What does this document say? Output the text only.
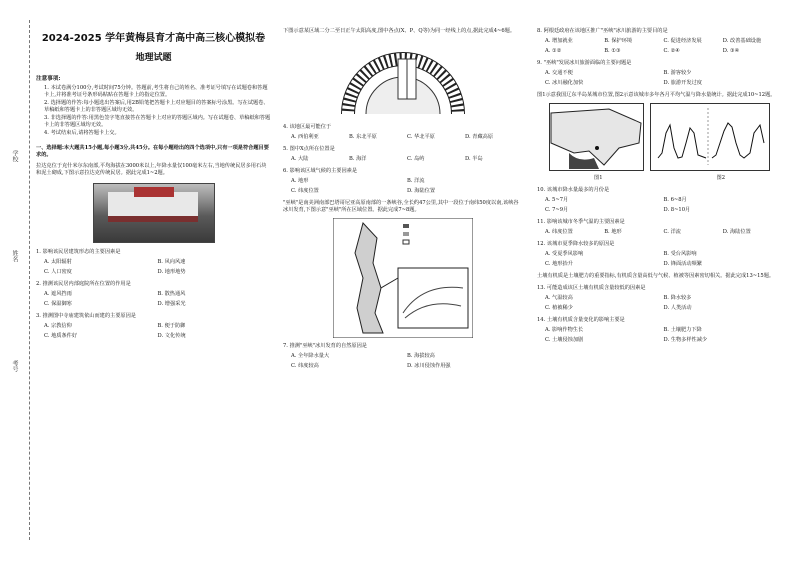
学校
姓名
考号
2024-2025 学年黄梅县育才高中高三核心模拟卷
地理试题
注意事项:

1. 本试卷满分100分,考试时间75分钟。答题前,考生将自己的姓名、准考证号填写在试题卷和答题卡上,并将准考证号条形码粘贴在答题卡上的指定位置。

2. 选择题的作答:每小题选出答案后,用2B铅笔把答题卡上对应题目的答案标号涂黑。写在试题卷、草稿纸和答题卡上的非答题区域均无效。

3. 非选择题的作答:用黑色签字笔直接答在答题卡上对应的答题区域内。写在试题卷、草稿纸和答题卡上的非答题区域均无效。

4. 考试结束后,请将答题卡上交。

一、选择题:本大题共15小题,每小题3分,共45分。在每小题给出的四个选项中,只有一项是符合题目要求的。

拉达克位于克什米尔东南部,平均海拔在3000米以上,年降水量仅100毫米左右,当地传统民居多用石块和泥土砌成,下图示意拉达克传统民居。据此完成1~2题。

1. 影响该民居建筑形态的主要因素是

A. 太阳辐射	B. 风向风速
C. 人口密度	D. 地形地势

2. 推测该民居内部庭院所在位置的作用是

A. 遮风挡雨	B. 散热通风
C. 保温御寒	D. 增强采光

3. 推测图中寺庙建筑依山而建的主要原因是

A. 宗教信仰	B. 便于防御
C. 地质条件好	D. 文化传统

下图示意某区域二分二至日正午太阳高度,图中各点(X、P、Q等)为同一经线上的点,据此完成4~6题。

4. 该地区最可能位于

A. 西伯利亚	B. 东北平原	C. 华北平原	D. 青藏高原

5. 图中X点所在位置是

A. 大陆	B. 海洋	C. 岛屿	D. 半岛

6. 影响该区域气候的主要因素是

A. 地形	B. 洋流
C. 纬度位置	D. 海陆位置

"巫峡"是南美洲南部巴塔哥尼亚高原南部的一条峡谷,全长约47公里,其中一段位于南纬50度以南,该峡谷冰川发育,下图示意"巫峡"所在区域位置。据此完成7~8题。

7. 推测"巫峡"冰川发育的自然原因是

A. 全年降水量大	B. 海拔较高
C. 纬度较高	D. 冰川侵蚀作用强

8. 阿根廷政府在该地区推广"巫峡"冰川旅游的主要目的是

A. 增加就业	B. 保护环境	C. 促进经济发展	D. 改善基础设施
A. ①②	B. ①③	C. ②④	D. ③④

9. "巫峡"发展冰川旅游面临的主要问题是

A. 交通不便	B. 游客较少
C. 冰川融化加快	D. 旅游开发过度

图1示意我国辽东半岛某城市位置,图2示意该城市多年各月平均气温与降水量统计。据此完成10~12题。

图1	图2

10. 该城市降水量最多的月份是

A. 5~7月	B. 6~8月
C. 7~9月	D. 8~10月

11. 影响该城市冬季气温的主要因素是

A. 纬度位置	B. 地形	C. 洋流	D. 海陆位置

12. 该城市夏季降水较多的原因是

A. 受夏季风影响	B. 受台风影响
C. 地形抬升	D. 锋面活动频繁

土壤有机质是土壤肥力的重要指标,有机质含量高低与气候、植被等因素密切相关。据此完成13~15题。

13. 可能造成该区土壤有机质含量较低的因素是

A. 气温较高	B. 降水较多
C. 植被稀少	D. 人类活动

14. 土壤有机质含量变化的影响主要是

A. 影响作物生长	B. 土壤肥力下降
C. 土壤侵蚀加剧	D. 生物多样性减少
